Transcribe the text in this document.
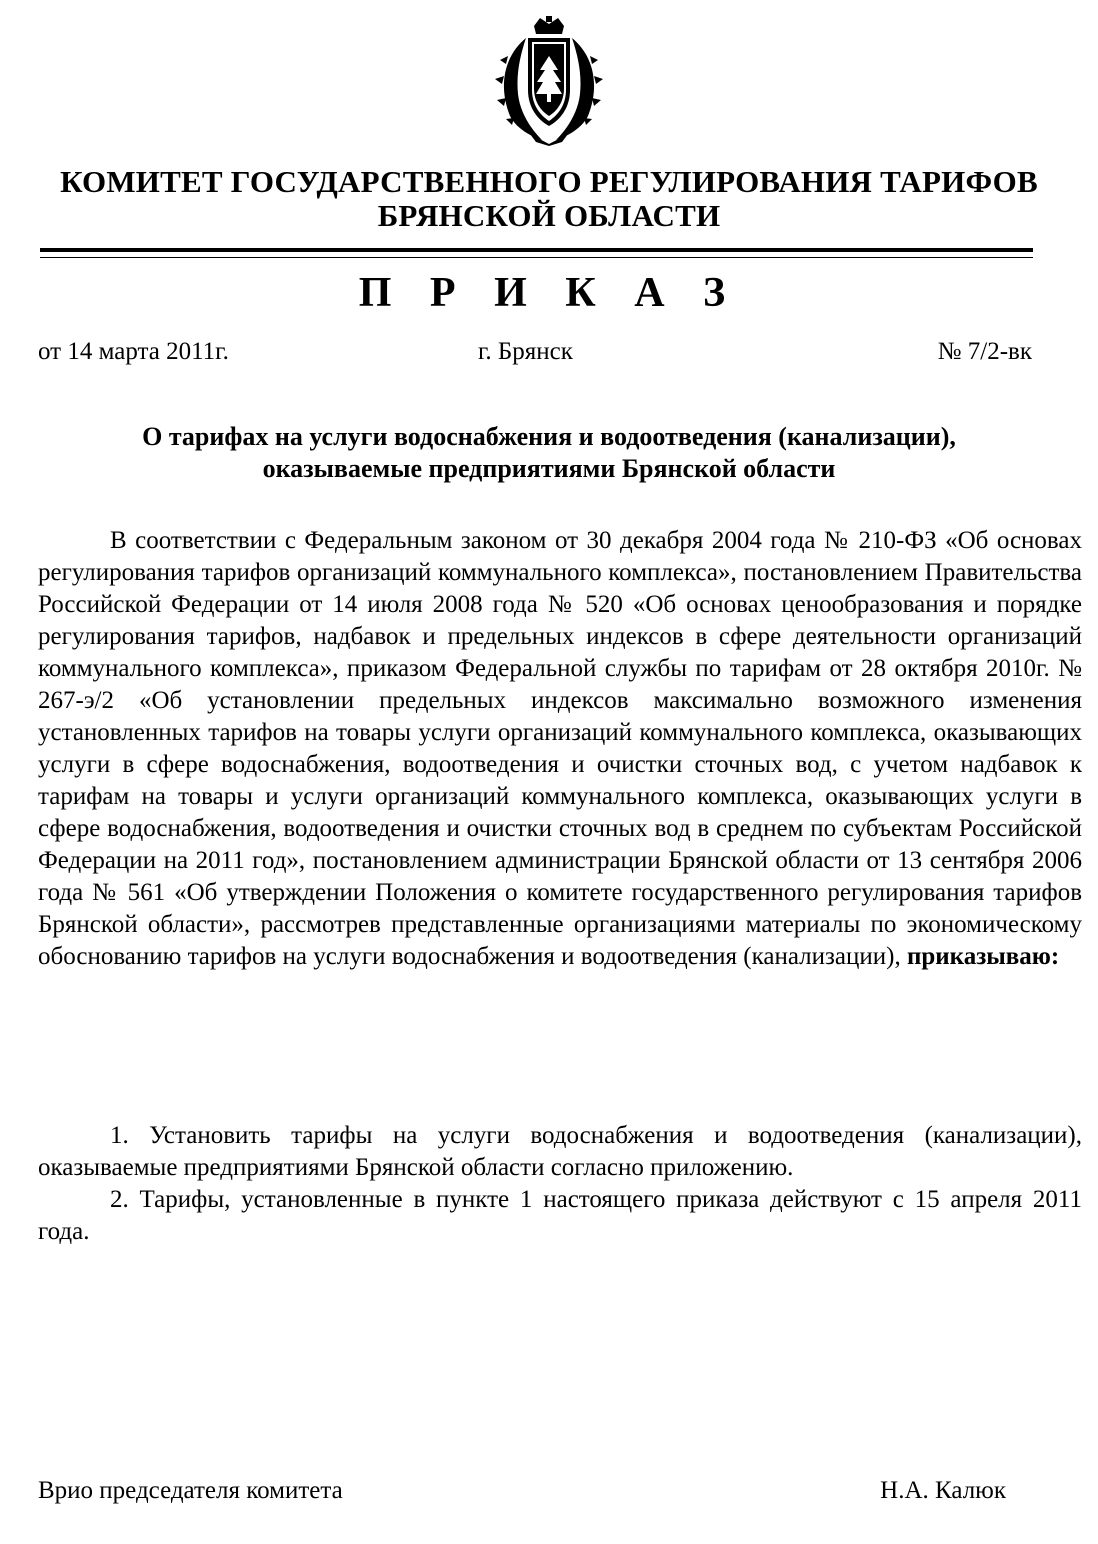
КОМИТЕТ ГОСУДАРСТВЕННОГО РЕГУЛИРОВАНИЯ ТАРИФОВ
БРЯНСКОЙ ОБЛАСТИ
П Р И К А З
от 14 марта 2011г.	г. Брянск	№ 7/2-вк
О тарифах на услуги водоснабжения и водоотведения (канализации),
оказываемые предприятиями Брянской области

В соответствии с Федеральным законом от 30 декабря 2004 года № 210-ФЗ «Об основах регулирования тарифов организаций коммунального комплекса», постановлением Правительства Российской Федерации от 14 июля 2008 года № 520 «Об основах ценообразования и порядке регулирования тарифов, надбавок и предельных индексов в сфере деятельности организаций коммунального комплекса», приказом Федеральной службы по тарифам от 28 октября 2010г. № 267-э/2 «Об установлении предельных индексов максимально возможного изменения установленных тарифов на товары услуги организаций коммунального комплекса, оказывающих услуги в сфере водоснабжения, водоотведения и очистки сточных вод, с учетом надбавок к тарифам на товары и услуги организаций коммунального комплекса, оказывающих услуги в сфере водоснабжения, водоотведения и очистки сточных вод в среднем по субъектам Российской Федерации на 2011 год», постановлением администрации Брянской области от 13 сентября 2006 года № 561 «Об утверждении Положения о комитете государственного регулирования тарифов Брянской области», рассмотрев представленные организациями материалы по экономическому обоснованию тарифов на услуги водоснабжения и водоотведения (канализации), приказываю:

1. Установить тарифы на услуги водоснабжения и водоотведения (канализации), оказываемые предприятиями Брянской области согласно приложению.

2. Тарифы, установленные в пункте 1 настоящего приказа действуют с 15 апреля 2011 года.

Врио председателя комитета	Н.А. Калюк
